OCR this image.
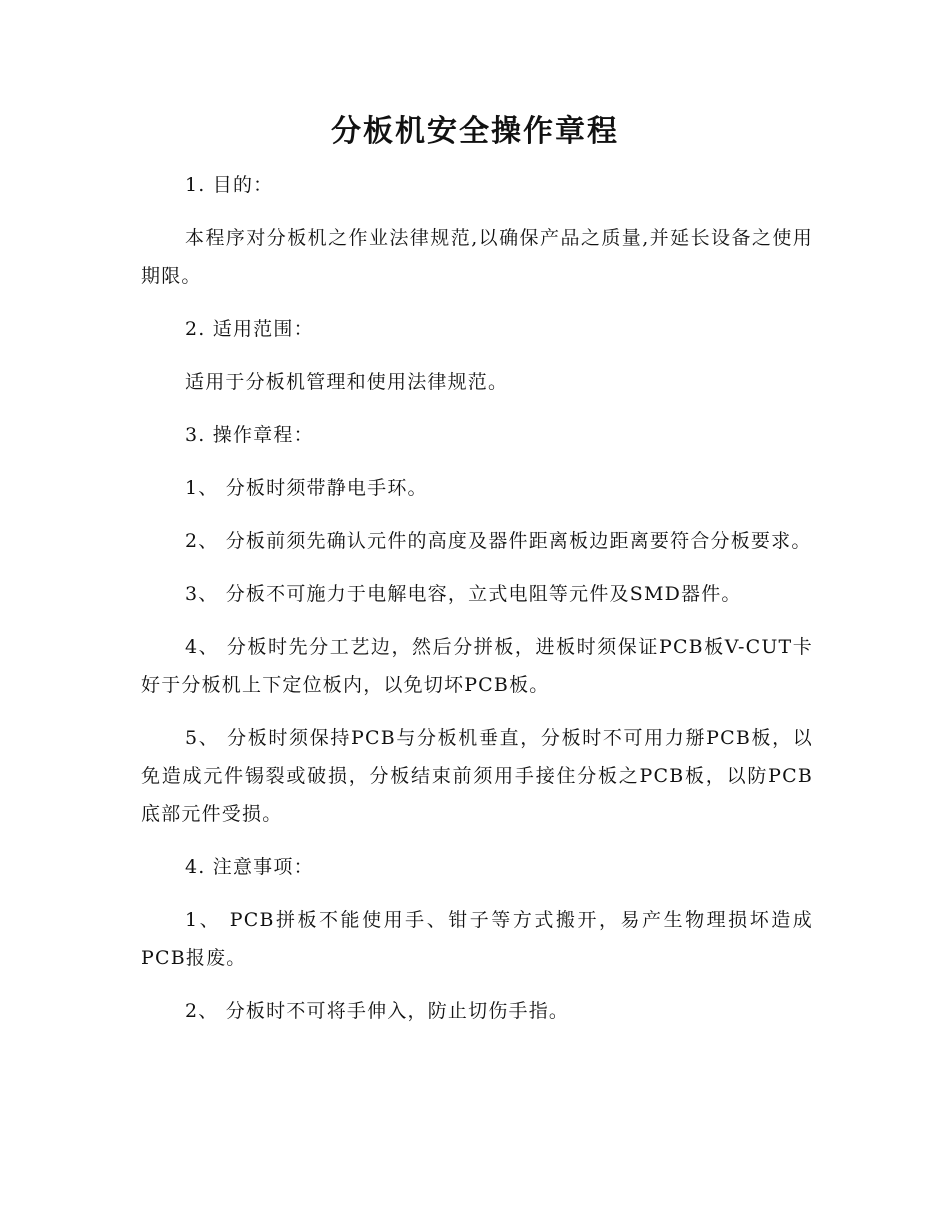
分板机安全操作章程

1. 目的：

本程序对分板机之作业法律规范,以确保产品之质量,并延长设备之使用期限。

2. 适用范围：

适用于分板机管理和使用法律规范。

3. 操作章程：

1、 分板时须带静电手环。

2、 分板前须先确认元件的高度及器件距离板边距离要符合分板要求。

3、 分板不可施力于电解电容，立式电阻等元件及SMD器件。

4、 分板时先分工艺边，然后分拼板，进板时须保证PCB板V-CUT卡好于分板机上下定位板内，以免切坏PCB板。

5、 分板时须保持PCB与分板机垂直，分板时不可用力掰PCB板，以免造成元件锡裂或破损，分板结束前须用手接住分板之PCB板，以防PCB底部元件受损。

4. 注意事项：

1、 PCB拼板不能使用手、钳子等方式搬开，易产生物理损坏造成PCB报废。

2、 分板时不可将手伸入，防止切伤手指。
